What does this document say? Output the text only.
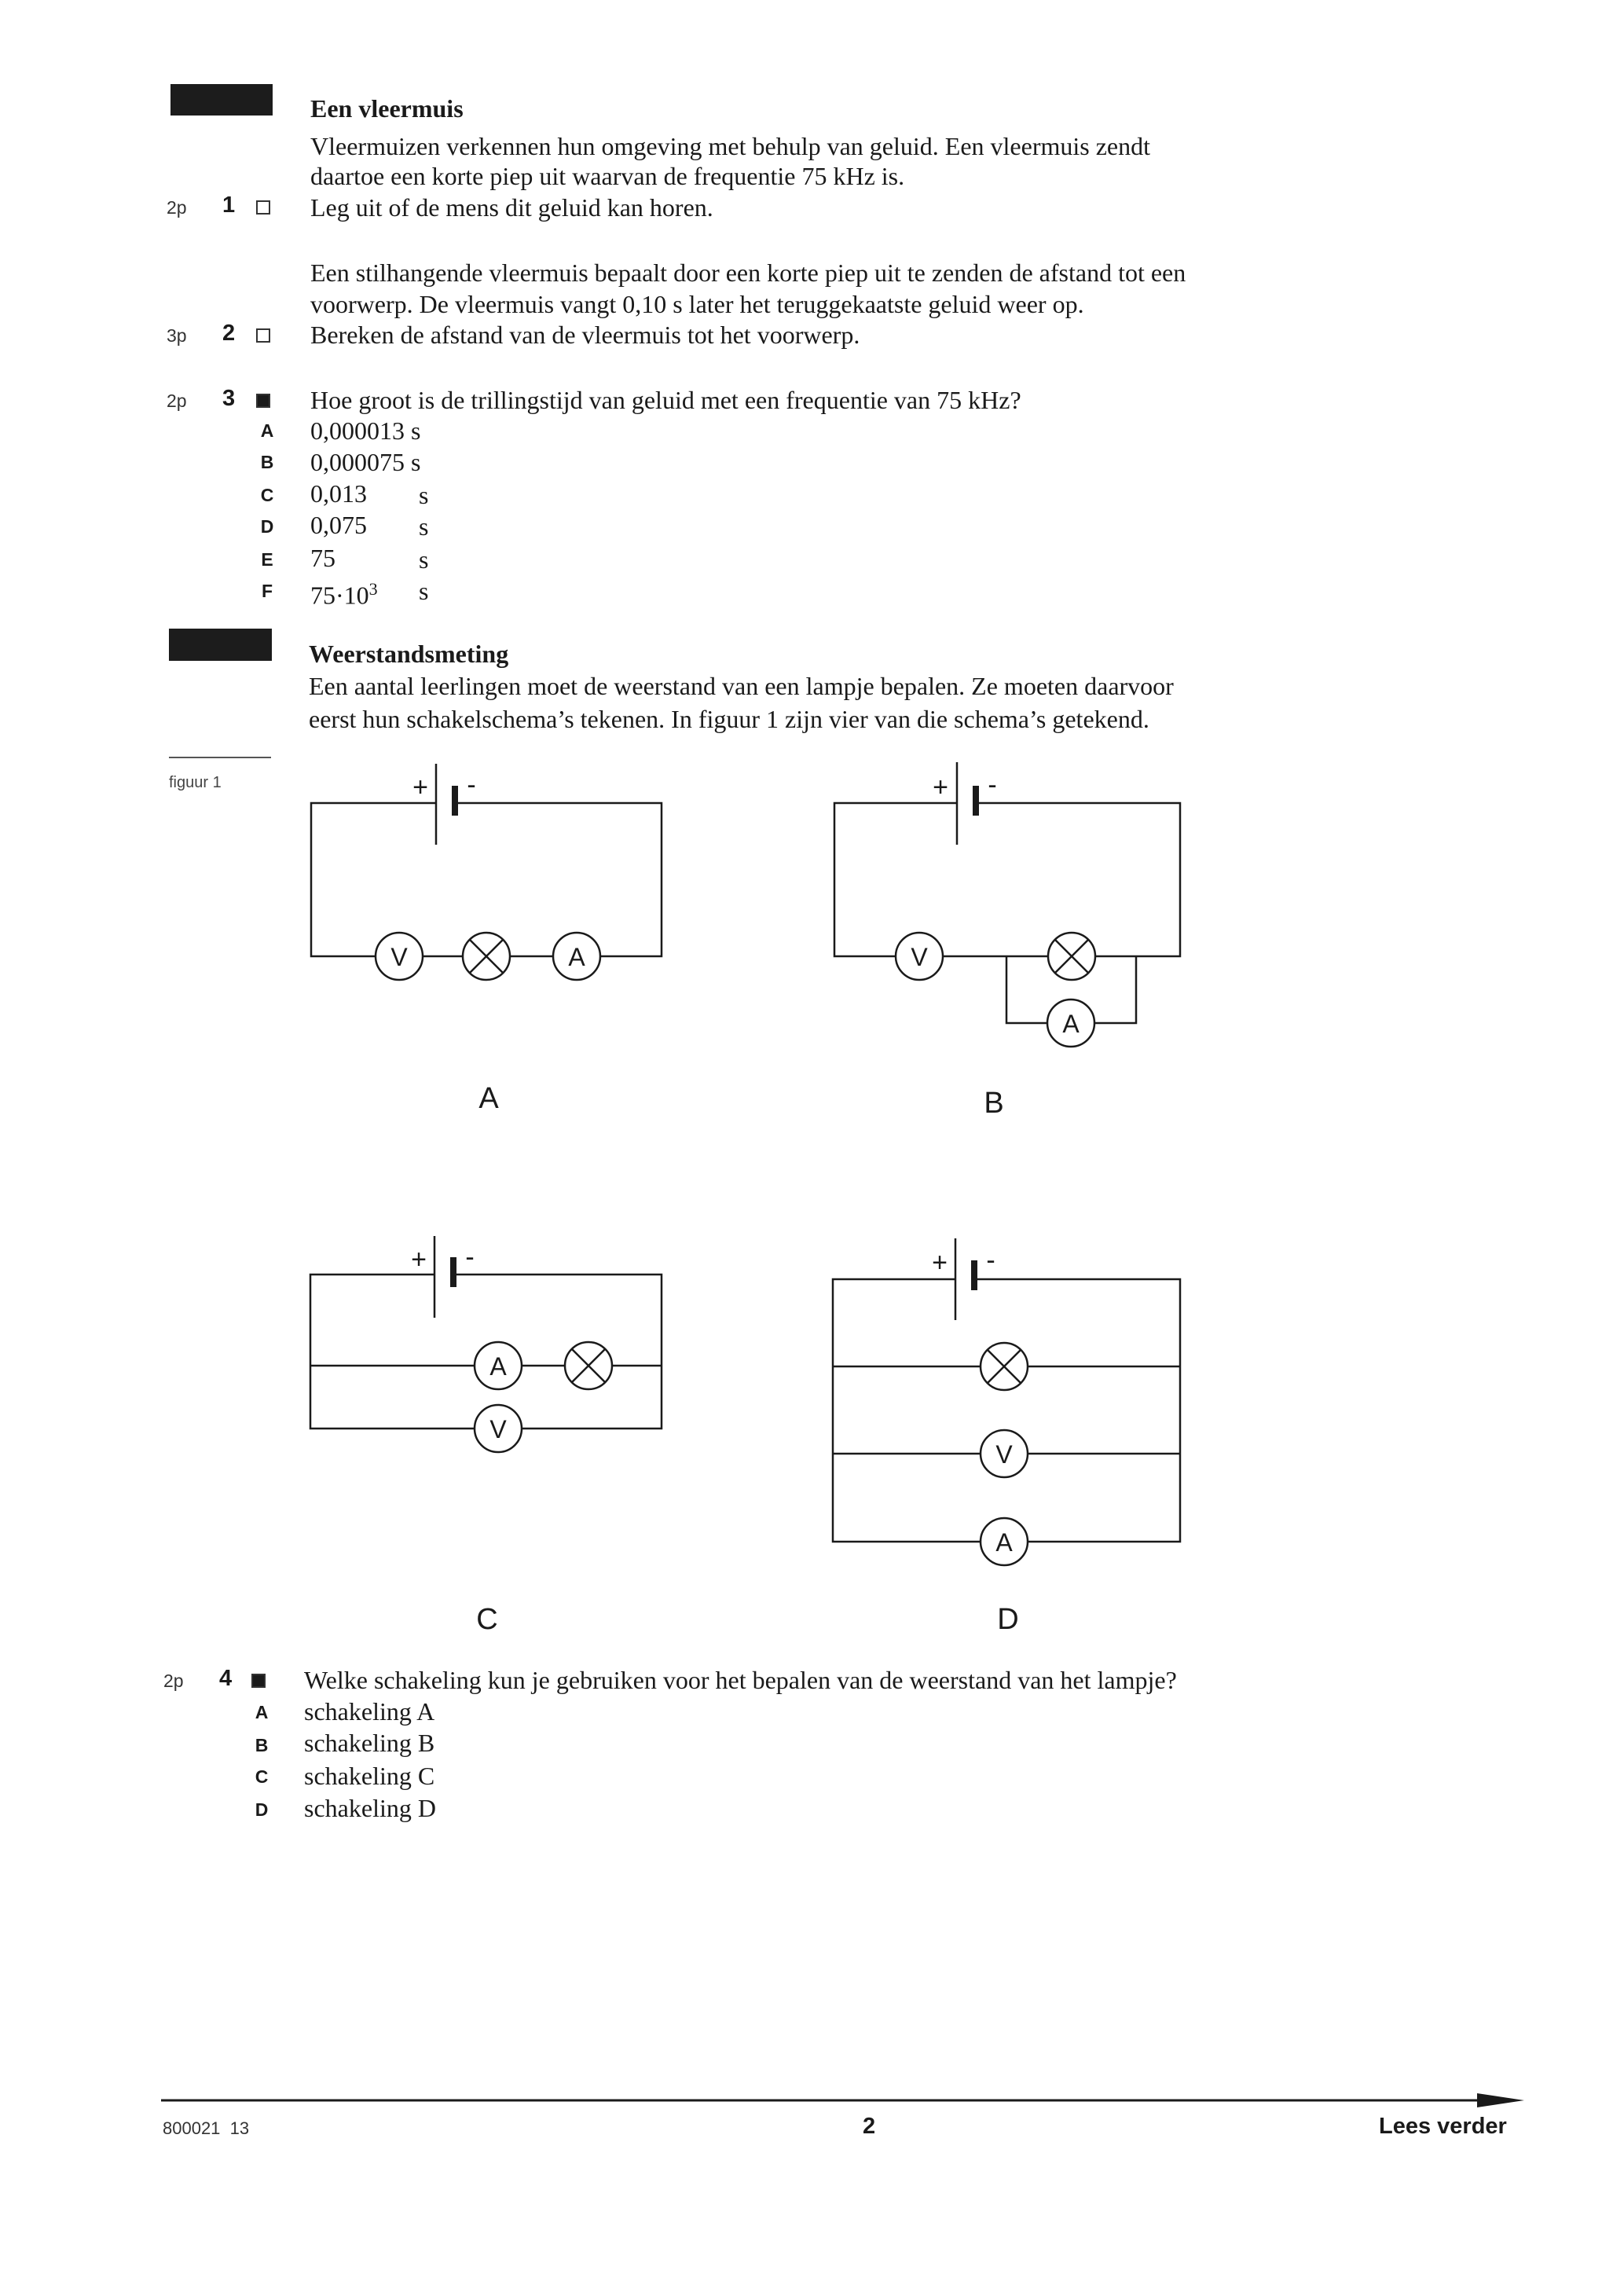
Een vleermuis
Vleermuizen verkennen hun omgeving met behulp van geluid. Een vleermuis zendt
daartoe een korte piep uit waarvan de frequentie 75 kHz is.
2p 1	Leg uit of de mens dit geluid kan horen.
Een stilhangende vleermuis bepaalt door een korte piep uit te zenden de afstand tot een
voorwerp. De vleermuis vangt 0,10 s later het teruggekaatste geluid weer op.
3p 2	Bereken de afstand van de vleermuis tot het voorwerp.
2p 3	Hoe groot is de trillingstijd van geluid met een frequentie van 75 kHz?
A 0,000013 s
B 0,000075 s
C 0,013 s
D 0,075 s
E 75	s
F $75\cdot 10^3$ s
Weerstandsmeting
Een aantal leerlingen moet de weerstand van een lampje bepalen. Ze moeten daarvoor
eerst hun schakelschema’s tekenen. In figuur 1 zijn vier van die schema’s getekend.
figuur 1
V	A	V
A
A
V
V
A
+ -	+ -
+ -	+ -
A	B
C	D
2p 4	Welke schakeling kun je gebruiken voor het bepalen van de weerstand van het lampje?
A schakeling A
B schakeling B
C schakeling C
D schakeling D
800021  13	2	Lees verder
